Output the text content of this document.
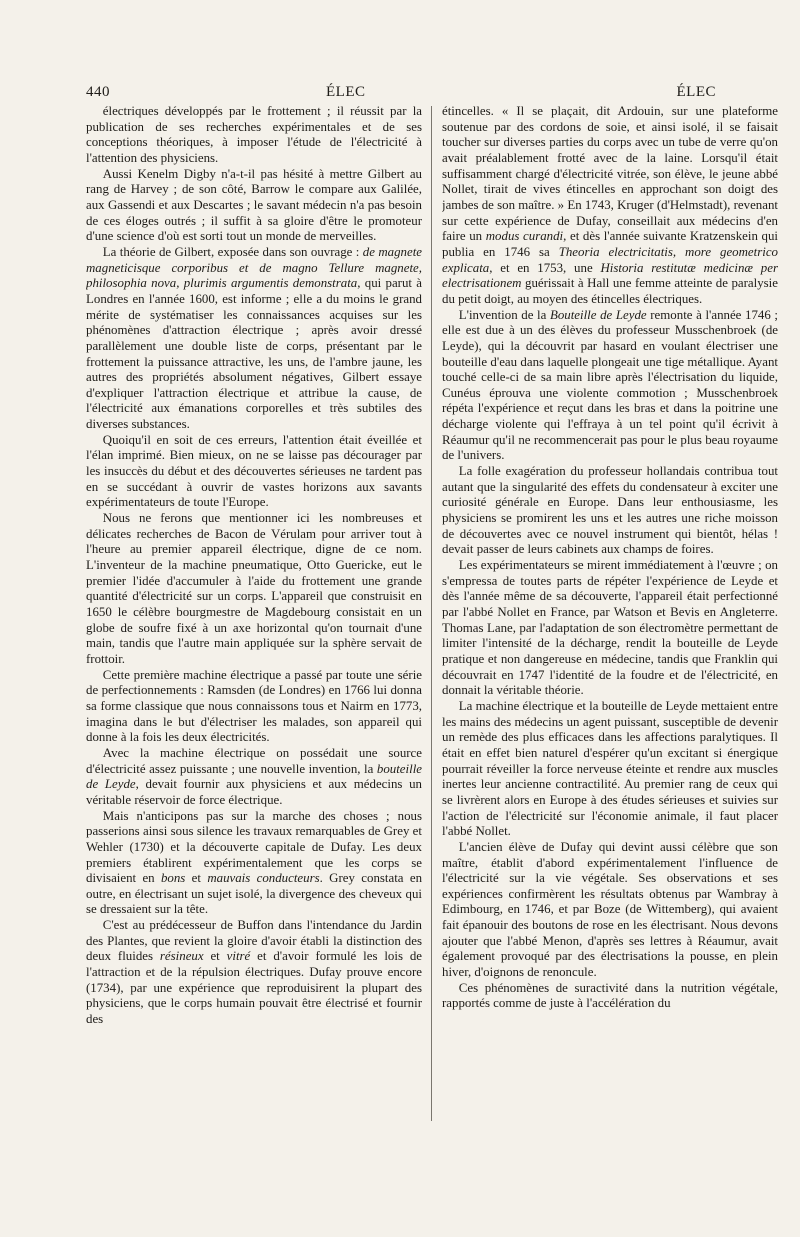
440	ÉLEC	ÉLEC

électriques développés par le frottement ; il réussit par la publication de ses recherches expérimentales et de ses conceptions théoriques, à imposer l'étude de l'électricité à l'attention des physiciens.

Aussi Kenelm Digby n'a-t-il pas hésité à mettre Gilbert au rang de Harvey ; de son côté, Barrow le compare aux Galilée, aux Gassendi et aux Descartes ; le savant médecin n'a pas besoin de ces éloges outrés ; il suffit à sa gloire d'être le promoteur d'une science d'où est sorti tout un monde de merveilles.

La théorie de Gilbert, exposée dans son ouvrage : de magnete magneticisque corporibus et de magno Tellure magnete, philosophia nova, plurimis argumentis demonstrata, qui parut à Londres en l'année 1600, est informe ; elle a du moins le grand mérite de systématiser les connaissances acquises sur les phénomènes d'attraction électrique ; après avoir dressé parallèlement une double liste de corps, présentant par le frottement la puissance attractive, les uns, de l'ambre jaune, les autres des propriétés absolument négatives, Gilbert essaye d'expliquer l'attraction électrique et attribue la cause, de l'électricité aux émanations corporelles et très subtiles des diverses substances.

Quoiqu'il en soit de ces erreurs, l'attention était éveillée et l'élan imprimé. Bien mieux, on ne se laisse pas décourager par les insuccès du début et des découvertes sérieuses ne tardent pas en se succédant à ouvrir de vastes horizons aux savants expérimentateurs de toute l'Europe.

Nous ne ferons que mentionner ici les nombreuses et délicates recherches de Bacon de Vérulam pour arriver tout à l'heure au premier appareil électrique, digne de ce nom. L'inventeur de la machine pneumatique, Otto Guericke, eut le premier l'idée d'accumuler à l'aide du frottement une grande quantité d'électricité sur un corps. L'appareil que construisit en 1650 le célèbre bourgmestre de Magdebourg consistait en un globe de soufre fixé à un axe horizontal qu'on tournait d'une main, tandis que l'autre main appliquée sur la sphère servait de frottoir.

Cette première machine électrique a passé par toute une série de perfectionnements : Ramsden (de Londres) en 1766 lui donna sa forme classique que nous connaissons tous et Nairm en 1773, imagina dans le but d'électriser les malades, son appareil qui donne à la fois les deux électricités.

Avec la machine électrique on possédait une source d'électricité assez puissante ; une nouvelle invention, la bouteille de Leyde, devait fournir aux physiciens et aux médecins un véritable réservoir de force électrique.

Mais n'anticipons pas sur la marche des choses ; nous passerions ainsi sous silence les travaux remarquables de Grey et Wehler (1730) et la découverte capitale de Dufay. Les deux premiers établirent expérimentalement que les corps se divisaient en bons et mauvais conducteurs. Grey constata en outre, en électrisant un sujet isolé, la divergence des cheveux qui se dressaient sur la tête.

C'est au prédécesseur de Buffon dans l'intendance du Jardin des Plantes, que revient la gloire d'avoir établi la distinction des deux fluides résineux et vitré et d'avoir formulé les lois de l'attraction et de la répulsion électriques. Dufay prouve encore (1734), par une expérience que reproduisirent la plupart des physiciens, que le corps humain pouvait être électrisé et fournir des

étincelles. « Il se plaçait, dit Ardouin, sur une plateforme soutenue par des cordons de soie, et ainsi isolé, il se faisait toucher sur diverses parties du corps avec un tube de verre qu'on avait préalablement frotté avec de la laine. Lorsqu'il était suffisamment chargé d'électricité vitrée, son élève, le jeune abbé Nollet, tirait de vives étincelles en approchant son doigt des jambes de son maître. » En 1743, Kruger (d'Helmstadt), revenant sur cette expérience de Dufay, conseillait aux médecins d'en faire un modus curandi, et dès l'année suivante Kratzenskein qui publia en 1746 sa Theoria electricitatis, more geometrico explicata, et en 1753, une Historia restitutæ medicinæ per electrisationem guérissait à Hall une femme atteinte de paralysie du petit doigt, au moyen des étincelles électriques.

L'invention de la Bouteille de Leyde remonte à l'année 1746 ; elle est due à un des élèves du professeur Musschenbroek (de Leyde), qui la découvrit par hasard en voulant électriser une bouteille d'eau dans laquelle plongeait une tige métallique. Ayant touché celle-ci de sa main libre après l'électrisation du liquide, Cunéus éprouva une violente commotion ; Musschenbroek répéta l'expérience et reçut dans les bras et dans la poitrine une décharge violente qui l'effraya à un tel point qu'il écrivit à Réaumur qu'il ne recommencerait pas pour le plus beau royaume de l'univers.

La folle exagération du professeur hollandais contribua tout autant que la singularité des effets du condensateur à exciter une curiosité générale en Europe. Dans leur enthousiasme, les physiciens se promirent les uns et les autres une riche moisson de découvertes avec ce nouvel instrument qui bientôt, hélas ! devait passer de leurs cabinets aux champs de foires.

Les expérimentateurs se mirent immédiatement à l'œuvre ; on s'empressa de toutes parts de répéter l'expérience de Leyde et dès l'année même de sa découverte, l'appareil était perfectionné par l'abbé Nollet en France, par Watson et Bevis en Angleterre. Thomas Lane, par l'adaptation de son électromètre permettant de limiter l'intensité de la décharge, rendit la bouteille de Leyde pratique et non dangereuse en médecine, tandis que Franklin qui découvrait en 1747 l'identité de la foudre et de l'électricité, en donnait la véritable théorie.

La machine électrique et la bouteille de Leyde mettaient entre les mains des médecins un agent puissant, susceptible de devenir un remède des plus efficaces dans les affections paralytiques. Il était en effet bien naturel d'espérer qu'un excitant si énergique pourrait réveiller la force nerveuse éteinte et rendre aux muscles inertes leur ancienne contractilité. Au premier rang de ceux qui se livrèrent alors en Europe à des études sérieuses et suivies sur l'action de l'électricité sur l'économie animale, il faut placer l'abbé Nollet.

L'ancien élève de Dufay qui devint aussi célèbre que son maître, établit d'abord expérimentalement l'influence de l'électricité sur la vie végétale. Ses observations et ses expériences confirmèrent les résultats obtenus par Wambray à Edimbourg, en 1746, et par Boze (de Wittemberg), qui avaient fait épanouir des boutons de rose en les électrisant. Nous devons ajouter que l'abbé Menon, d'après ses lettres à Réaumur, avait également provoqué par des électrisations la pousse, en plein hiver, d'oignons de renoncule.

Ces phénomènes de suractivité dans la nutrition végétale, rapportés comme de juste à l'accélération du
